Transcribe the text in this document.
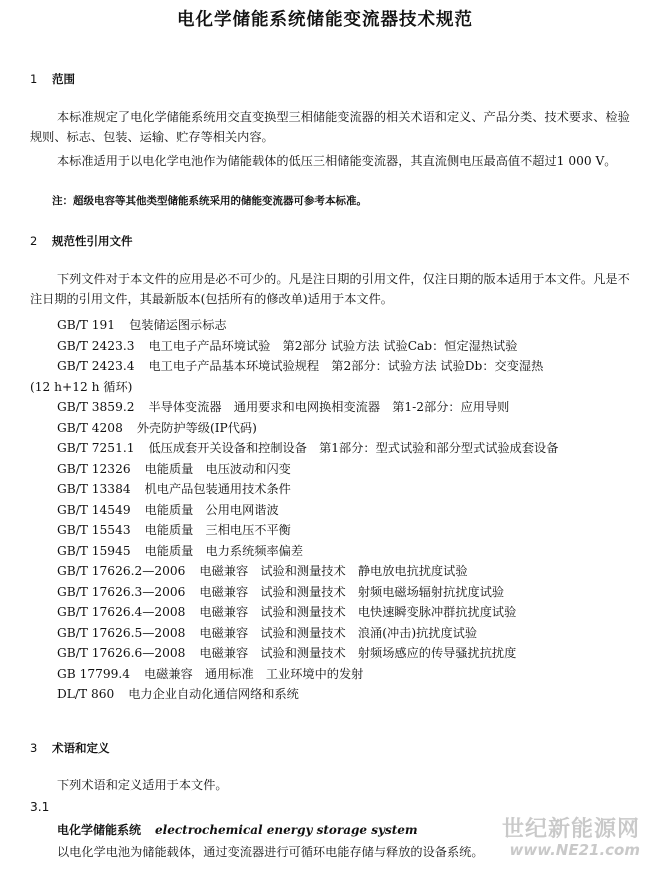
电化学储能系统储能变流器技术规范
1 范围

本标准规定了电化学储能系统用交直变换型三相储能变流器的相关术语和定义、产品分类、技术要求、检验规则、标志、包装、运输、贮存等相关内容。

本标准适用于以电化学电池作为储能载体的低压三相储能变流器，其直流侧电压最高值不超过1 000 V。

注：超级电容等其他类型储能系统采用的储能变流器可参考本标准。
2 规范性引用文件

下列文件对于本文件的应用是必不可少的。凡是注日期的引用文件，仅注日期的版本适用于本文件。凡是不注日期的引用文件，其最新版本(包括所有的修改单)适用于本文件。

GB/T 191 包装储运图示标志
GB/T 2423.3 电工电子产品环境试验　第2部分 试验方法 试验Cab：恒定湿热试验
GB/T 2423.4 电工电子产品基本环境试验规程　第2部分：试验方法 试验Db：交变湿热
(12 h+12 h 循环)
GB/T 3859.2 半导体变流器　通用要求和电网换相变流器　第1-2部分：应用导则
GB/T 4208 外壳防护等级(IP代码)
GB/T 7251.1 低压成套开关设备和控制设备　第1部分：型式试验和部分型式试验成套设备
GB/T 12326 电能质量　电压波动和闪变
GB/T 13384 机电产品包装通用技术条件
GB/T 14549 电能质量　公用电网谐波
GB/T 15543 电能质量　三相电压不平衡
GB/T 15945 电能质量　电力系统频率偏差
GB/T 17626.2—2006 电磁兼容　试验和测量技术　静电放电抗扰度试验
GB/T 17626.3—2006 电磁兼容　试验和测量技术　射频电磁场辐射抗扰度试验
GB/T 17626.4—2008 电磁兼容　试验和测量技术　电快速瞬变脉冲群抗扰度试验
GB/T 17626.5—2008 电磁兼容　试验和测量技术　浪涌(冲击)抗扰度试验
GB/T 17626.6—2008 电磁兼容　试验和测量技术　射频场感应的传导骚扰抗扰度
GB 17799.4 电磁兼容　通用标准　工业环境中的发射
DL/T 860 电力企业自动化通信网络和系统
3 术语和定义

下列术语和定义适用于本文件。

3.1
电化学储能系统 electrochemical energy storage system
以电化学电池为储能载体，通过变流器进行可循环电能存储与释放的设备系统。
世纪新能源网
www.NE21.com
